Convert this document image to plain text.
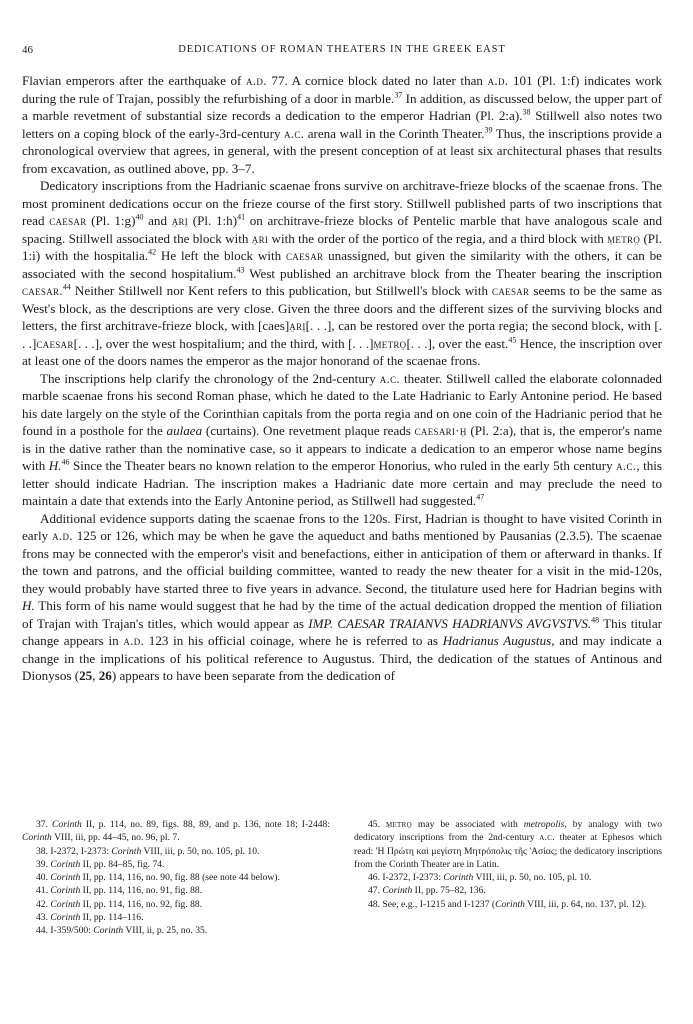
46	DEDICATIONS OF ROMAN THEATERS IN THE GREEK EAST

Flavian emperors after the earthquake of a.d. 77. A cornice block dated no later than a.d. 101 (Pl. 1:f) indicates work during the rule of Trajan, possibly the refurbishing of a door in marble.$^{37}$ In addition, as discussed below, the upper part of a marble revetment of substantial size records a dedication to the emperor Hadrian (Pl. 2:a).$^{38}$ Stillwell also notes two letters on a coping block of the early-3rd-century a.c. arena wall in the Corinth Theater.$^{39}$ Thus, the inscriptions provide a chronological overview that agrees, in general, with the present conception of at least six architectural phases that results from excavation, as outlined above, pp. 3–7.

Dedicatory inscriptions from the Hadrianic scaenae frons survive on architrave-frieze blocks of the scaenae frons. The most prominent dedications occur on the frieze course of the first story. Stillwell published parts of two inscriptions that read caesar (Pl. 1:g)$^{40}$ and a̤ri̤ (Pl. 1:h)$^{41}$ on architrave-frieze blocks of Pentelic marble that have analogous scale and spacing. Stillwell associated the block with a̤ri with the order of the portico of the regia, and a third block with m̤etro̤ (Pl. 1:i) with the hospitalia.$^{42}$ He left the block with caesar unassigned, but given the similarity with the others, it can be associated with the second hospitalium.$^{43}$ West published an architrave block from the Theater bearing the inscription caesar.$^{44}$ Neither Stillwell nor Kent refers to this publication, but Stillwell's block with caesar seems to be the same as West's block, as the descriptions are very close. Given the three doors and the different sizes of the surviving blocks and letters, the first architrave-frieze block, with [caes]a̤ri̤[. . .], can be restored over the porta regia; the second block, with [. . .]caesar[. . .], over the west hospitalium; and the third, with [. . .]m̤etro̤[. . .], over the east.$^{45}$ Hence, the inscription over at least one of the doors names the emperor as the major honorand of the scaenae frons.

The inscriptions help clarify the chronology of the 2nd-century a.c. theater. Stillwell called the elaborate colonnaded marble scaenae frons his second Roman phase, which he dated to the Late Hadrianic to Early Antonine period. He based his date largely on the style of the Corinthian capitals from the porta regia and on one coin of the Hadrianic period that he found in a posthole for the aulaea (curtains). One revetment plaque reads caesari·h̤ (Pl. 2:a), that is, the emperor's name is in the dative rather than the nominative case, so it appears to indicate a dedication to an emperor whose name begins with H.$^{46}$ Since the Theater bears no known relation to the emperor Honorius, who ruled in the early 5th century a.c., this letter should indicate Hadrian. The inscription makes a Hadrianic date more certain and may preclude the need to maintain a date that extends into the Early Antonine period, as Stillwell had suggested.$^{47}$

Additional evidence supports dating the scaenae frons to the 120s. First, Hadrian is thought to have visited Corinth in early a.d. 125 or 126, which may be when he gave the aqueduct and baths mentioned by Pausanias (2.3.5). The scaenae frons may be connected with the emperor's visit and benefactions, either in anticipation of them or afterward in thanks. If the town and patrons, and the official building committee, wanted to ready the new theater for a visit in the mid-120s, they would probably have started three to five years in advance. Second, the titulature used here for Hadrian begins with H. This form of his name would suggest that he had by the time of the actual dedication dropped the mention of filiation of Trajan with Trajan's titles, which would appear as IMP. CAESAR TRAIANVS HADRIANVS AVGVSTVS.$^{48}$ This titular change appears in a.d. 123 in his official coinage, where he is referred to as Hadrianus Augustus, and may indicate a change in the implications of his political reference to Augustus. Third, the dedication of the statues of Antinous and Dionysos (25, 26) appears to have been separate from the dedication of

37. Corinth II, p. 114, no. 89, figs. 88, 89, and p. 136, note 18; I-2448: Corinth VIII, iii, pp. 44–45, no. 96, pl. 7.

38. I-2372, I-2373: Corinth VIII, iii, p. 50, no. 105, pl. 10.

39. Corinth II, pp. 84–85, fig. 74.

40. Corinth II, pp. 114, 116, no. 90, fig. 88 (see note 44 below).

41. Corinth II, pp. 114, 116, no. 91, fig. 88.

42. Corinth II, pp. 114, 116, no. 92, fig. 88.

43. Corinth II, pp. 114–116.

44. I-359/500: Corinth VIII, ii, p. 25, no. 35.

45. m̤etro̤ may be associated with metropolis, by analogy with two dedicatory inscriptions from the 2nd-century a.c. theater at Ephesos which read: 'Η Πρώτη καὶ μεγίστη Μητρόπολις τῆς 'Ασίας; the dedicatory inscriptions from the Corinth Theater are in Latin.

46. I-2372, I-2373: Corinth VIII, iii, p. 50, no. 105, pl. 10.

47. Corinth II, pp. 75–82, 136.

48. See, e.g., I-1215 and I-1237 (Corinth VIII, iii, p. 64, no. 137, pl. 12).
